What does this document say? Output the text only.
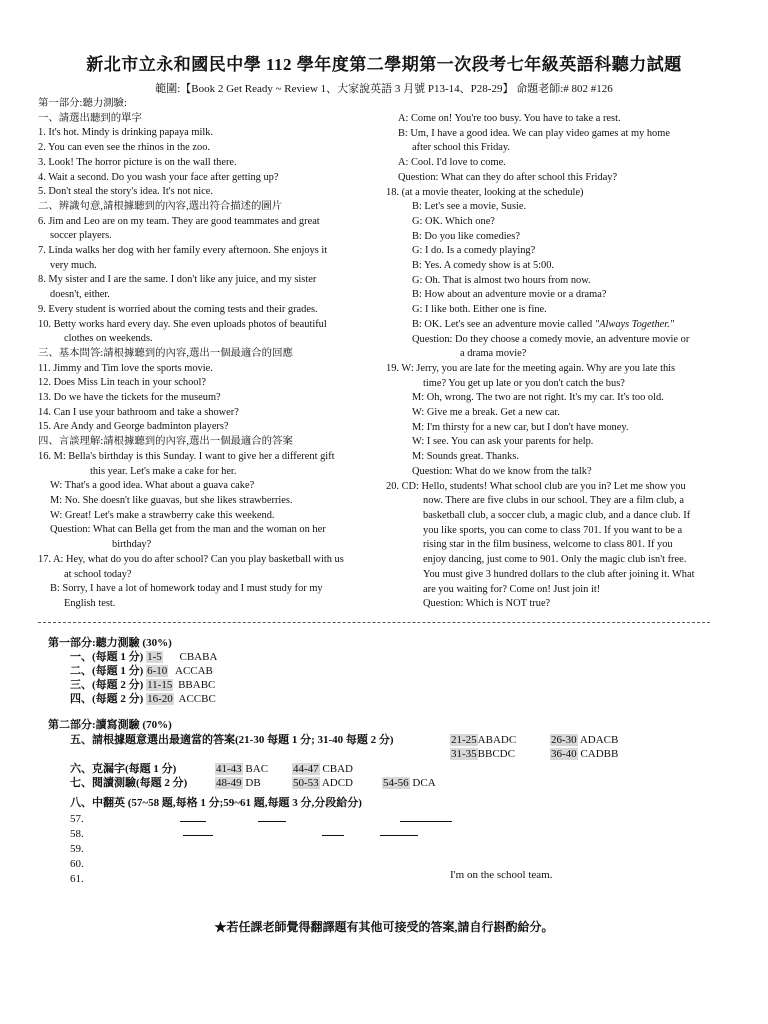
新北市立永和國民中學 112 學年度第二學期第一次段考七年級英語科聽力試題
範圍:【Book 2 Get Ready ~ Review 1、大家說英語 3 月號 P13-14、P28-29】 命題老師:# 802 #126
第一部分:聽力測驗:
一、請選出聽到的單字
1. It's hot. Mindy is drinking papaya milk.
2. You can even see the rhinos in the zoo.
3. Look! The horror picture is on the wall there.
4. Wait a second. Do you wash your face after getting up?
5. Don't steal the story's idea. It's not nice.
二、辨識句意,請根據聽到的內容,選出符合描述的圖片
6. Jim and Leo are on my team. They are good teammates and great
soccer players.
7. Linda walks her dog with her family every afternoon. She enjoys it
very much.
8. My sister and I are the same. I don't like any juice, and my sister
doesn't, either.
9. Every student is worried about the coming tests and their grades.
10. Betty works hard every day. She even uploads photos of beautiful
clothes on weekends.
三、基本問答:請根據聽到的內容,選出一個最適合的回應
11. Jimmy and Tim love the sports movie.
12. Does Miss Lin teach in your school?
13. Do we have the tickets for the museum?
14. Can I use your bathroom and take a shower?
15. Are Andy and George badminton players?
四、言談理解:請根據聽到的內容,選出一個最適合的答案
16. M: Bella's birthday is this Sunday. I want to give her a different gift
this year. Let's make a cake for her.
W: That's a good idea. What about a guava cake?
M: No. She doesn't like guavas, but she likes strawberries.
W: Great! Let's make a strawberry cake this weekend.
Question: What can Bella get from the man and the woman on her
birthday?
17. A: Hey, what do you do after school? Can you play basketball with us
at school today?
B: Sorry, I have a lot of homework today and I must study for my
English test.
A: Come on! You're too busy. You have to take a rest.
B: Um, I have a good idea. We can play video games at my home
after school this Friday.
A: Cool. I'd love to come.
Question: What can they do after school this Friday?
18. (at a movie theater, looking at the schedule)
B: Let's see a movie, Susie.
G: OK. Which one?
B: Do you like comedies?
G: I do. Is a comedy playing?
B: Yes. A comedy show is at 5:00.
G: Oh. That is almost two hours from now.
B: How about an adventure movie or a drama?
G: I like both. Either one is fine.
B: OK. Let's see an adventure movie called "Always Together."
Question: Do they choose a comedy movie, an adventure movie or
a drama movie?
19. W: Jerry, you are late for the meeting again. Why are you late this
time? You get up late or you don't catch the bus?
M: Oh, wrong. The two are not right. It's my car. It's too old.
W: Give me a break. Get a new car.
M: I'm thirsty for a new car, but I don't have money.
W: I see. You can ask your parents for help.
M: Sounds great. Thanks.
Question: What do we know from the talk?
20. CD: Hello, students! What school club are you in? Let me show you
now. There are five clubs in our school. They are a film club, a
basketball club, a soccer club, a magic club, and a dance club. If
you like sports, you can come to class 701. If you want to be a
rising star in the film business, welcome to class 801. If you
enjoy dancing, just come to 901. Only the magic club isn't free.
You must give 3 hundred dollars to the club after joining it. What
are you waiting for? Come on! Just join it!
Question: Which is NOT true?
第一部分:聽力測驗 (30%)
一、(每題 1 分) 1-5 CBABA
二、(每題 1 分) 6-10 ACCAB
三、(每題 2 分) 11-15 BBABC
四、(每題 2 分) 16-20 ACCBC
第二部分:讀寫測驗 (70%)
五、請根據題意選出最適當的答案(21-30 每題 1 分; 31-40 每題 2 分)	21-25ABADC	26-30 ADACB
31-35BBCDC	36-40 CADBB
六、克漏字(每題 1 分)	41-43 BAC 44-47 CBAD
七、閱讀測驗(每題 2 分)	48-49 DB	50-53 ADCD	54-56 DCA
八、中翻英 (57~58 題,每格 1 分;59~61 題,每題 3 分,分段給分)
57.
58.
59.
60.
61.	I'm on the school team.
★若任課老師覺得翻譯題有其他可接受的答案,請自行斟酌給分。
